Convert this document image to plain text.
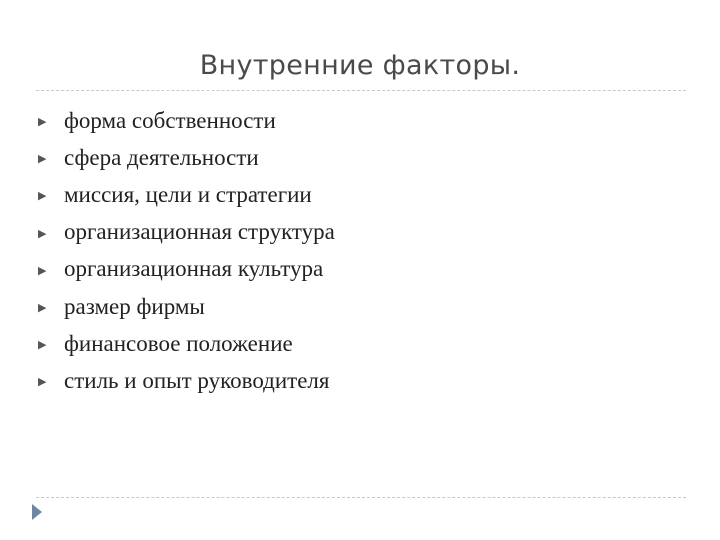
Внутренние факторы.
▶ форма собственности
▶ сфера деятельности
▶ миссия, цели и стратегии
▶ организационная структура
▶ организационная культура
▶ размер фирмы
▶ финансовое положение
▶ стиль и опыт руководителя
